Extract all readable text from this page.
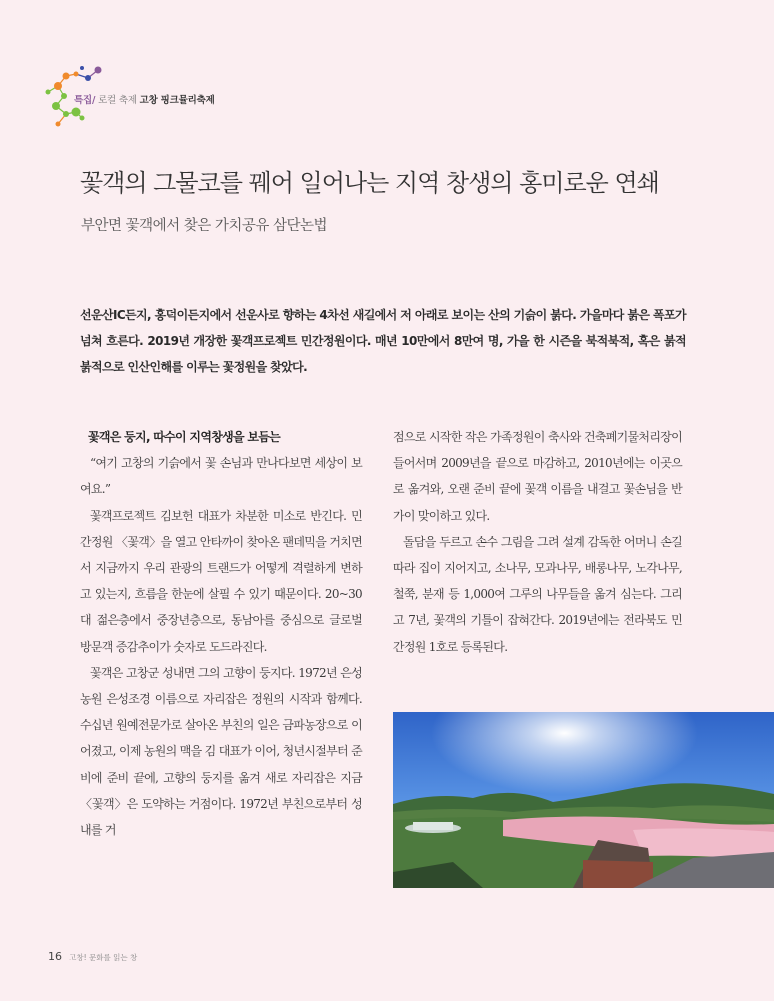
특집/ 로컬 축제 고창 핑크뮬리축제
꽃객의 그물코를 꿰어 일어나는 지역 창생의 홍미로운 연쇄
부안면 꽃객에서 찾은 가치공유 삼단논법
선운산IC든지, 홍덕이든지에서 선운사로 향하는 4차선 새길에서 저 아래로 보이는 산의 기슭이 붉다. 가을마다 붉은 폭포가 넘쳐 흐른다. 2019년 개장한 꽃객프로젝트 민간정원이다. 매년 10만에서 8만여 명, 가을 한 시즌을 북적북적, 혹은 붉적붉적으로 인산인해를 이루는 꽃정원을 찾았다.

꽃객은 둥지, 따수이 지역창생을 보듬는

“여기 고창의 기슭에서 꽃 손님과 만나다보면 세상이 보여요.”

꽃객프로젝트 김보헌 대표가 차분한 미소로 반긴다. 민간정원 〈꽃객〉을 열고 안타까이 찾아온 팬데믹을 거치면서 지금까지 우리 관광의 트랜드가 어떻게 격렬하게 변하고 있는지, 흐름을 한눈에 살필 수 있기 때문이다. 20~30대 젊은층에서 중장년층으로, 동남아를 중심으로 글로벌 방문객 증감추이가 숫자로 도드라진다.

꽃객은 고창군 성내면 그의 고향이 둥지다. 1972년 은성농원 은성조경 이름으로 자리잡은 정원의 시작과 함께다. 수십년 원예전문가로 살아온 부친의 일은 금파농장으로 이어졌고, 이제 농원의 맥을 김 대표가 이어, 청년시절부터 준비에 준비 끝에, 고향의 둥지를 옮겨 새로 자리잡은 지금 〈꽃객〉은 도약하는 거점이다. 1972년 부친으로부터 성내를 거

점으로 시작한 작은 가족정원이 축사와 건축폐기물처리장이 들어서며 2009년을 끝으로 마감하고, 2010년에는 이곳으로 옮겨와, 오랜 준비 끝에 꽃객 이름을 내걸고 꽃손님을 반가이 맞이하고 있다.

돌담을 두르고 손수 그림을 그려 설계 감독한 어머니 손길 따라 집이 지어지고, 소나무, 모과나무, 배롱나무, 노각나무, 철쭉, 분재 등 1,000여 그루의 나무들을 옮겨 심는다. 그리고 7년, 꽃객의 기틀이 잡혀간다. 2019년에는 전라북도 민간정원 1호로 등록된다.

16 고창! 문화를 읽는 창
